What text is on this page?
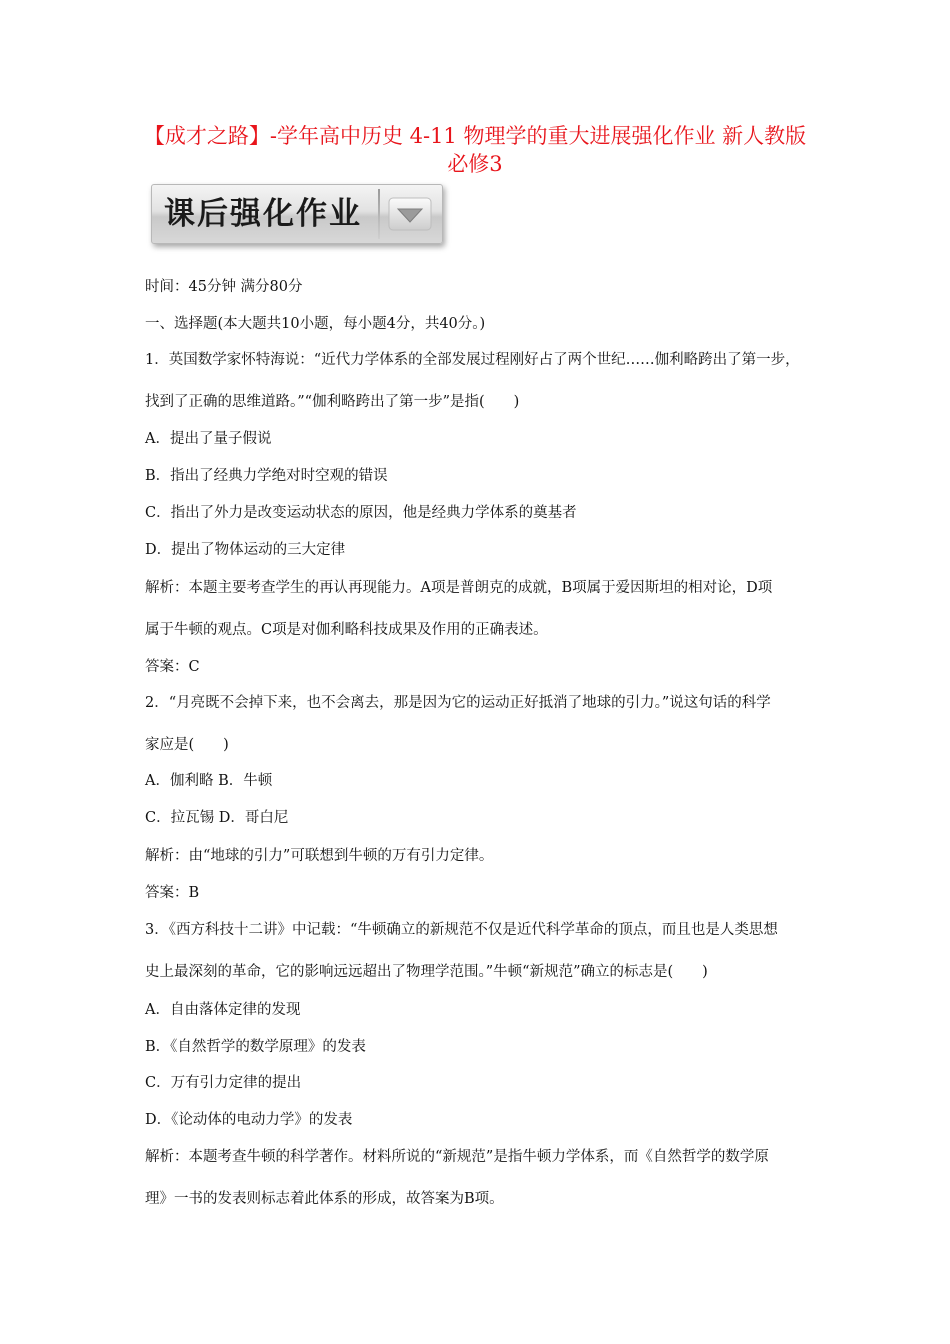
【成才之路】-学年高中历史 4-11 物理学的重大进展强化作业 新人教版
必修3
课后强化作业
时间：45分钟 满分80分
一、选择题(本大题共10小题，每小题4分，共40分。)
1．英国数学家怀特海说：“近代力学体系的全部发展过程刚好占了两个世纪……伽利略跨出了第一步，
找到了正确的思维道路。”“伽利略跨出了第一步”是指(　　)
A．提出了量子假说
B．指出了经典力学绝对时空观的错误
C．指出了外力是改变运动状态的原因，他是经典力学体系的奠基者
D．提出了物体运动的三大定律
解析：本题主要考查学生的再认再现能力。A项是普朗克的成就，B项属于爱因斯坦的相对论，D项
属于牛顿的观点。C项是对伽利略科技成果及作用的正确表述。
答案：C
2．“月亮既不会掉下来，也不会离去，那是因为它的运动正好抵消了地球的引力。”说这句话的科学
家应是(　　)
A．伽利略 B．牛顿
C．拉瓦锡 D．哥白尼
解析：由“地球的引力”可联想到牛顿的万有引力定律。
答案：B
3．《西方科技十二讲》中记载：“牛顿确立的新规范不仅是近代科学革命的顶点，而且也是人类思想
史上最深刻的革命，它的影响远远超出了物理学范围。”牛顿“新规范”确立的标志是(　　)
A．自由落体定律的发现
B．《自然哲学的数学原理》的发表
C．万有引力定律的提出
D．《论动体的电动力学》的发表
解析：本题考查牛顿的科学著作。材料所说的“新规范”是指牛顿力学体系，而《自然哲学的数学原
理》一书的发表则标志着此体系的形成，故答案为B项。
